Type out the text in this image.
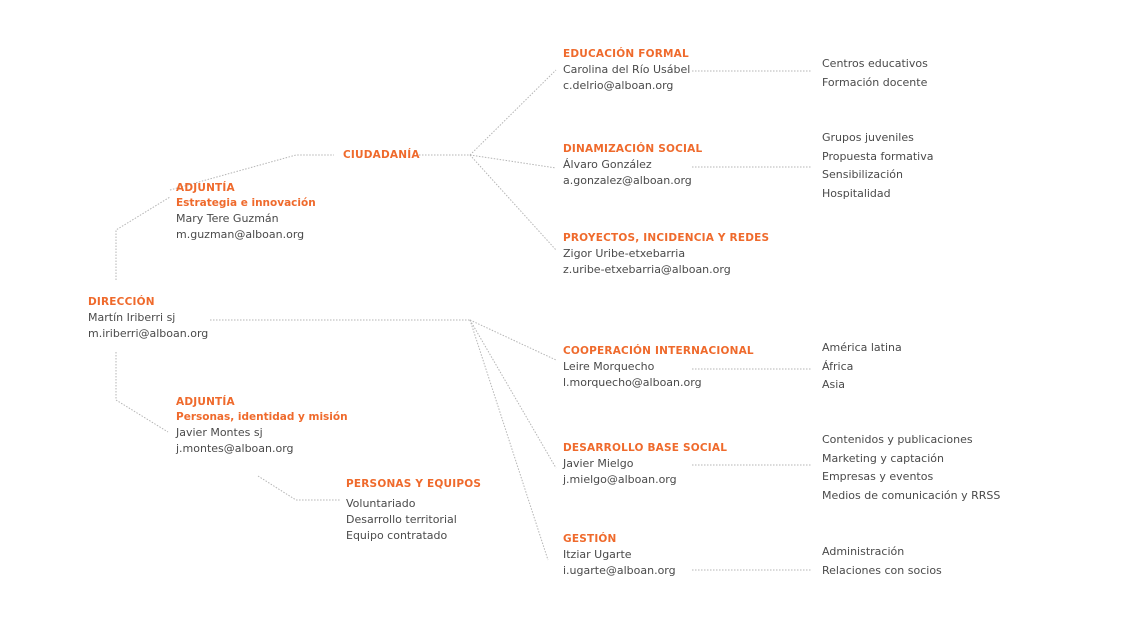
DIRECCIÓN
Martín Iriberri sj
m.iriberri@alboan.org
ADJUNTÍA
Estrategia e innovación
Mary Tere Guzmán
m.guzman@alboan.org
CIUDADANÍA
ADJUNTÍA
Personas, identidad y misión
Javier Montes sj
j.montes@alboan.org
PERSONAS Y EQUIPOS
Voluntariado
Desarrollo territorial
Equipo contratado
EDUCACIÓN FORMAL
Carolina del Río Usábel
c.delrio@alboan.org
Centros educativos
Formación docente
DINAMIZACIÓN SOCIAL
Álvaro González
a.gonzalez@alboan.org
Grupos juveniles
Propuesta formativa
Sensibilización
Hospitalidad
PROYECTOS, INCIDENCIA Y REDES
Zigor Uribe-etxebarria
z.uribe-etxebarria@alboan.org
COOPERACIÓN INTERNACIONAL
Leire Morquecho
l.morquecho@alboan.org
América latina
África
Asia
DESARROLLO BASE SOCIAL
Javier Mielgo
j.mielgo@alboan.org
Contenidos y publicaciones
Marketing y captación
Empresas y eventos
Medios de comunicación y RRSS
GESTIÓN
Itziar Ugarte
i.ugarte@alboan.org
Administración
Relaciones con socios
